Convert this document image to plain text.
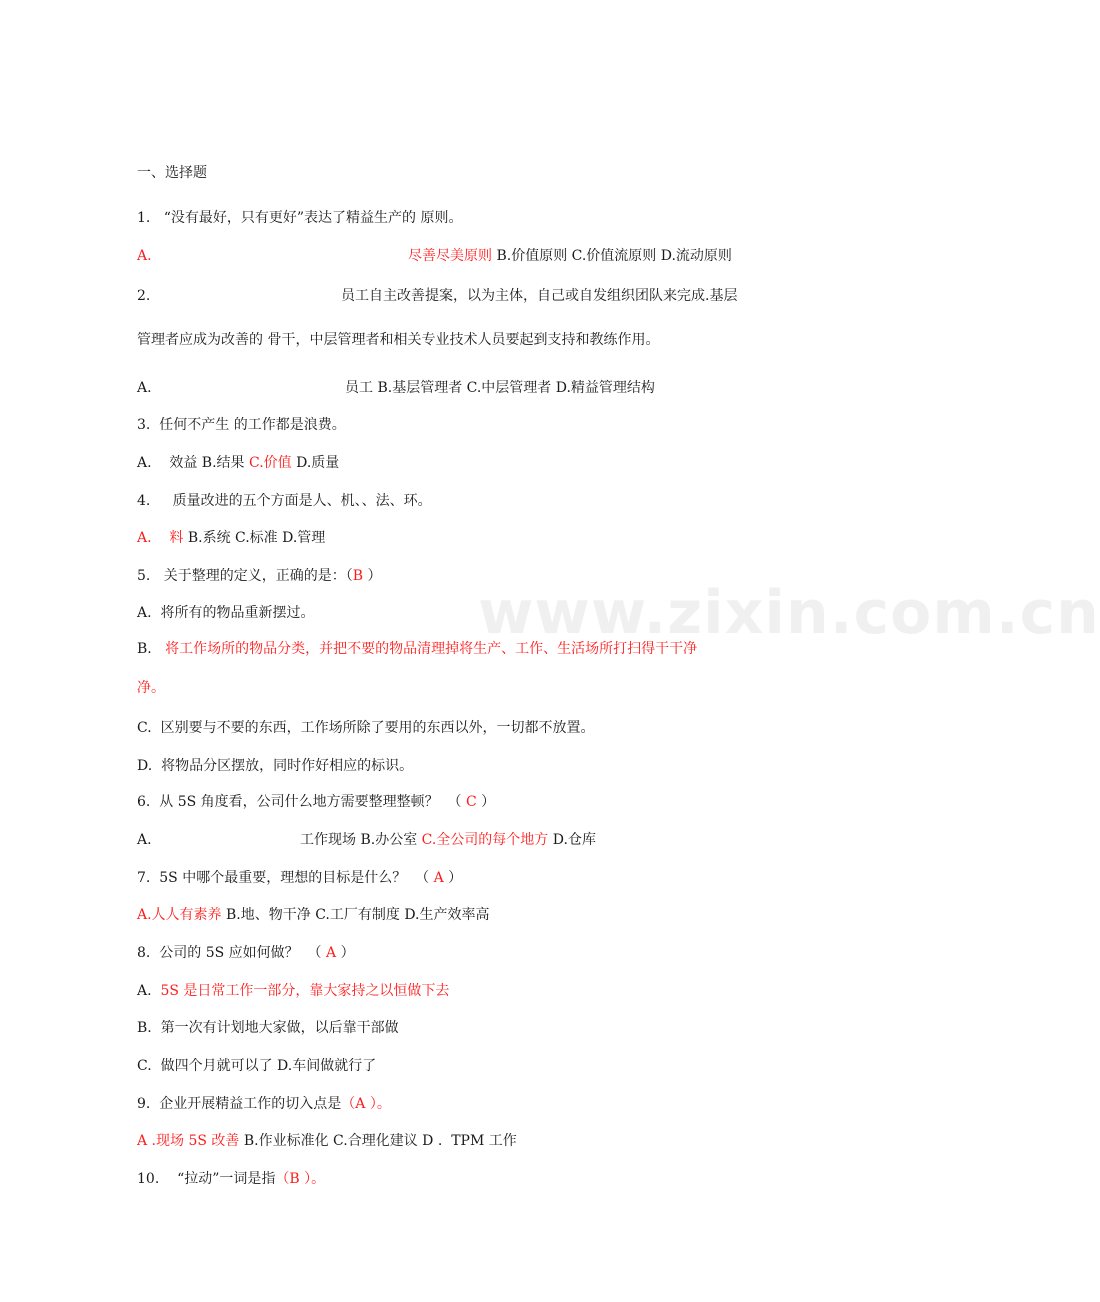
www.zixin.com.cn
一、选择题
1.   “没有最好，只有更好”表达了精益生产的 原则。
A.	尽善尽美原则 B.价值原则 C.价值流原则 D.流动原则
2.	员工自主改善提案，以为主体，自己或自发组织团队来完成.基层
管理者应成为改善的 骨干，中层管理者和相关专业技术人员要起到支持和教练作用。
A.	员工 B.基层管理者 C.中层管理者 D.精益管理结构
3.  任何不产生 的工作都是浪费。
A.    效益 B.结果 C.价值 D.质量
4.     质量改进的五个方面是人、机、、法、环。
A.    料 B.系统 C.标准 D.管理
5.   关于整理的定义，正确的是：（B ）
A.  将所有的物品重新摆过。
B.   将工作场所的物品分类，并把不要的物品清理掉将生产、工作、生活场所打扫得干干净
净。
C.  区别要与不要的东西，工作场所除了要用的东西以外，一切都不放置。
D.  将物品分区摆放，同时作好相应的标识。
6.  从 5S 角度看，公司什么地方需要整理整顿？  （ C ）
A.	工作现场 B.办公室 C.全公司的每个地方 D.仓库
7.  5S 中哪个最重要，理想的目标是什么？  （ A ）
A.人人有素养 B.地、物干净 C.工厂有制度 D.生产效率高
8.  公司的 5S 应如何做？  （ A ）
A.  5S 是日常工作一部分，靠大家持之以恒做下去
B.  第一次有计划地大家做，以后靠干部做
C.  做四个月就可以了 D.车间做就行了
9.  企业开展精益工作的切入点是（A ）。
A .现场 5S 改善 B.作业标准化 C.合理化建议 D .  TPM 工作
10.    “拉动”一词是指（B ）。
